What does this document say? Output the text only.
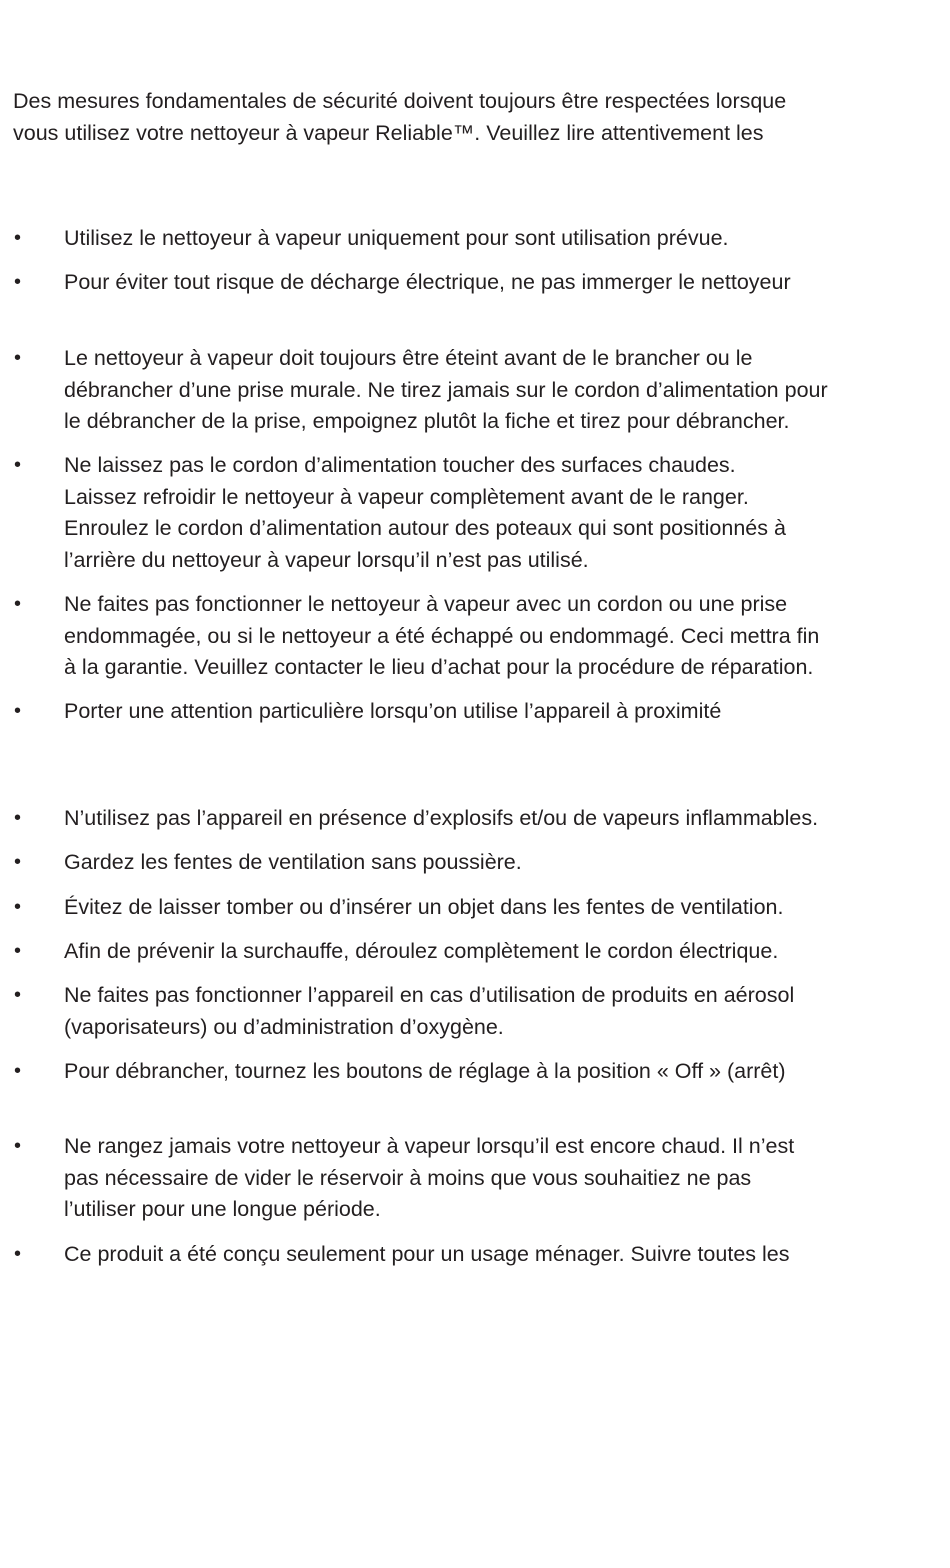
Des mesures fondamentales de sécurité doivent toujours être respectées lorsque
vous utilisez votre nettoyeur à vapeur Reliable™. Veuillez lire attentivement les
• Utilisez le nettoyeur à vapeur uniquement pour sont utilisation prévue.
• Pour éviter tout risque de décharge électrique, ne pas immerger le nettoyeur
• Le nettoyeur à vapeur doit toujours être éteint avant de le brancher ou le
débrancher d’une prise murale. Ne tirez jamais sur le cordon d’alimentation pour
le débrancher de la prise, empoignez plutôt la fiche et tirez pour débrancher.
• Ne laissez pas le cordon d’alimentation toucher des surfaces chaudes.
Laissez refroidir le nettoyeur à vapeur complètement avant de le ranger.
Enroulez le cordon d’alimentation autour des poteaux qui sont positionnés à
l’arrière du nettoyeur à vapeur lorsqu’il n’est pas utilisé.
• Ne faites pas fonctionner le nettoyeur à vapeur avec un cordon ou une prise
endommagée, ou si le nettoyeur a été échappé ou endommagé. Ceci mettra fin
à la garantie. Veuillez contacter le lieu d’achat pour la procédure de réparation.
• Porter une attention particulière lorsqu’on utilise l’appareil à proximité
• N’utilisez pas l’appareil en présence d’explosifs et/ou de vapeurs inflammables.
• Gardez les fentes de ventilation sans poussière.
• Évitez de laisser tomber ou d’insérer un objet dans les fentes de ventilation.
• Afin de prévenir la surchauffe, déroulez complètement le cordon électrique.
• Ne faites pas fonctionner l’appareil en cas d’utilisation de produits en aérosol
(vaporisateurs) ou d’administration d’oxygène.
• Pour débrancher, tournez les boutons de réglage à la position « Off » (arrêt)
• Ne rangez jamais votre nettoyeur à vapeur lorsqu’il est encore chaud. Il n’est
pas nécessaire de vider le réservoir à moins que vous souhaitiez ne pas
l’utiliser pour une longue période.
• Ce produit a été conçu seulement pour un usage ménager. Suivre toutes les
